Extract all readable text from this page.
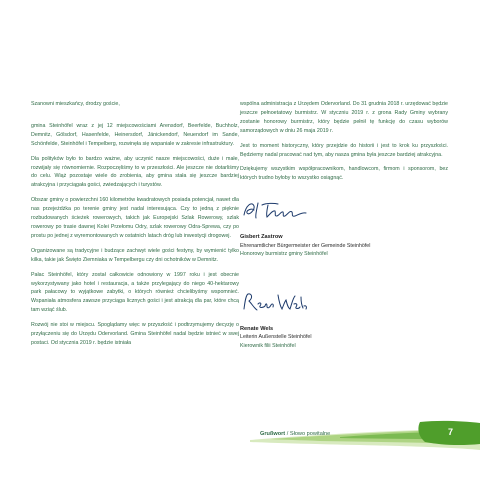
Szanowni mieszkańcy, drodzy goście,

gmina Steinhöfel wraz z jej 12 miejscowościami Arensdorf, Beerfelde, Buchholz, Demnitz, Gölsdorf, Hasenfelde, Heinersdorf, Jänickendorf, Neuendorf im Sande, Schönfelde, Steinhöfel i Tempelberg, rozwinęła się wspaniale w zakresie infrastruktury.

Dla polityków było to bardzo ważne, aby uczynić nasze miejscowości, duże i małe, rozwijały się równomiernie. Rozpoczęliśmy to w przeszłości. Ale jeszcze nie dotarliśmy do celu. Wiąż pozostaje wiele do zrobienia, aby gmina stała się jeszcze bardziej atrakcyjna i przyciągała gości, zwiedzających i turystów.

Obszar gminy o powierzchni 160 kilometrów kwadratowych posiada potencjał, nawet dla nas przejeżdżka po terenie gminy jest nadal interesująca. Czy to jedną z pięknie rozbudowanych ścieżek rowerowych, takich jak Europejski Szlak Rowerowy, szlak rowerowy po trasie dawnej Kolei Przełomu Odry, szlak rowerowy Odra-Sprewa, czy po prostu po jednej z wyremontowanych w ostatnich latach dróg lub inwestycji drogowej.

Organizowane są tradycyjne i budzące zachwyt wiele gości festyny, by wymienić tylko kilka, takie jak Święto Ziemniaka w Tempelbergu czy dni ochotników w Demnitz.

Pałac Steinhöfel, który został całkowicie odnowiony w 1997 roku i jest obecnie wykorzystywany jako hotel i restauracja, a także przylegający do niego 40-hektarowy park pałacowy to wyjątkowe zabytki, o których również chcielibyśmy wspomnieć. Wspaniała atmosfera zawsze przyciąga licznych gości i jest atrakcją dla par, które chcą tam wziąć ślub.

Rozwój nie stoi w miejscu. Spoglądamy więc w przyszłość i podtrzymujemy decyzję o przyłączeniu się do Urzędu Odervorland. Gmina Steinhöfel nadal będzie istnieć w swej postaci. Od stycznia 2019 r. będzie istniała

wspólna administracja z Urzędem Odervorland. Do 31 grudnia 2018 r. urzędować będzie jeszcze pełnoetatowy burmistrz. W styczniu 2019 r. z grona Rady Gminy wybrany zostanie honorowy burmistrz, który będzie pełnił tę funkcję do czasu wyborów samorządowych w dniu 26 maja 2019 r.

Jest to moment historyczny, który przejdzie do historii i jest to krok ku przyszłości. Będziemy nadal pracować nad tym, aby nasza gmina była jeszcze bardziej atrakcyjna.

Dziękujemy wszystkim współpracownikom, handlowcom, firmom i sponsorom, bez których trudno byłoby to wszystko osiągnąć.

Gisbert Zastrow

Ehrenamtlicher Bürgermeister der Gemeinde Steinhöfel

Honorowy burmistrz gminy Steinhöfel

Renate Wels

Leiterin Außenstelle Steinhöfel

Kierownik filii Steinhöfel

Grußwort / Słowo powitalne	7
